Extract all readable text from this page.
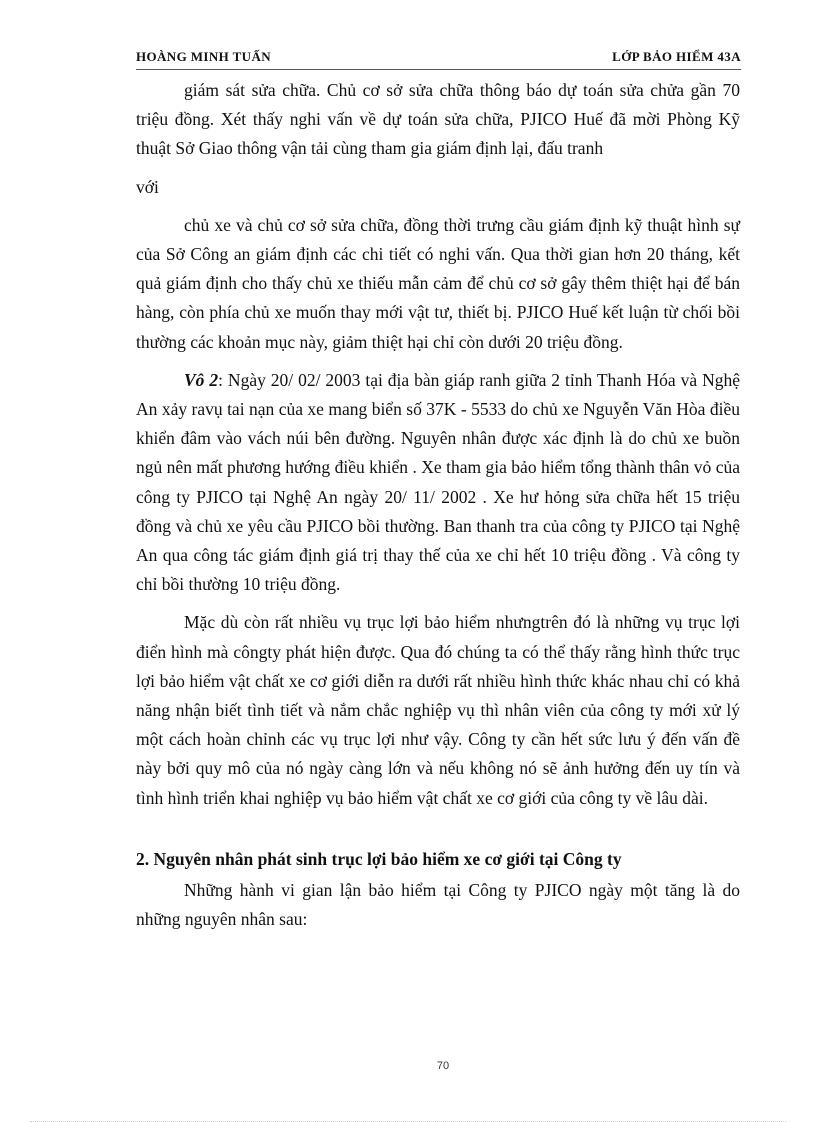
HOÀNG MINH TUẤN	LỚP BẢO HIỂM 43A

giám sát sửa chữa. Chủ cơ sở sửa chữa thông báo dự toán sửa chửa gần 70 triệu đồng. Xét thấy nghi vấn về dự toán sửa chữa, PJICO Huế đã mời Phòng Kỹ thuật Sở Giao thông vận tải cùng tham gia giám định lại, đấu tranh

với

chủ xe và chủ cơ sở sửa chữa, đồng thời trưng cầu giám định kỹ thuật hình sự của Sở Công an giám định các chi tiết có nghi vấn. Qua thời gian hơn 20 tháng, kết quả giám định cho thấy chủ xe thiếu mẫn cảm để chủ cơ sở gây thêm thiệt hại để bán hàng, còn phía chủ xe muốn thay mới vật tư, thiết bị. PJICO Huế kết luận từ chối bồi thường các khoản mục này, giảm thiệt hại chỉ còn dưới 20 triệu đồng.

Vô 2: Ngày 20/ 02/ 2003 tại địa bàn giáp ranh giữa 2 tỉnh Thanh Hóa và Nghệ An xảy ravụ tai nạn của xe mang biển số 37K - 5533 do chủ xe Nguyễn Văn Hòa điều khiển đâm vào vách núi bên đường. Nguyên nhân được xác định là do chủ xe buồn ngủ nên mất phương hướng điều khiển . Xe tham gia bảo hiểm tổng thành thân vỏ của công ty PJICO tại Nghệ An ngày 20/ 11/ 2002 . Xe hư hỏng sửa chữa hết 15 triệu đồng và chủ xe yêu cầu PJICO bồi thường. Ban thanh tra của công ty PJICO tại Nghệ An qua công tác giám định giá trị thay thế của xe chỉ hết 10 triệu đồng . Và công ty chỉ bồi thường 10 triệu đồng.

Mặc dù còn rất nhiều vụ trục lợi bảo hiểm nhưngtrên đó là những vụ trục lợi điển hình mà côngty phát hiện được. Qua đó chúng ta có thể thấy rằng hình thức trục lợi bảo hiểm vật chất xe cơ giới diễn ra dưới rất nhiều hình thức khác nhau chỉ có khả năng nhận biết tình tiết và nắm chắc nghiệp vụ thì nhân viên của công ty mới xử lý một cách hoàn chỉnh các vụ trục lợi như vậy. Công ty cần hết sức lưu ý đến vấn đề này bởi quy mô của nó ngày càng lớn và nếu không nó sẽ ảnh hưởng đến uy tín và tình hình triển khai nghiệp vụ bảo hiểm vật chất xe cơ giới của công ty về lâu dài.

2. Nguyên nhân phát sinh trục lợi bảo hiểm xe cơ giới tại Công ty

Những hành vi gian lận bảo hiểm tại Công ty PJICO ngày một tăng là do những nguyên nhân sau:

70
